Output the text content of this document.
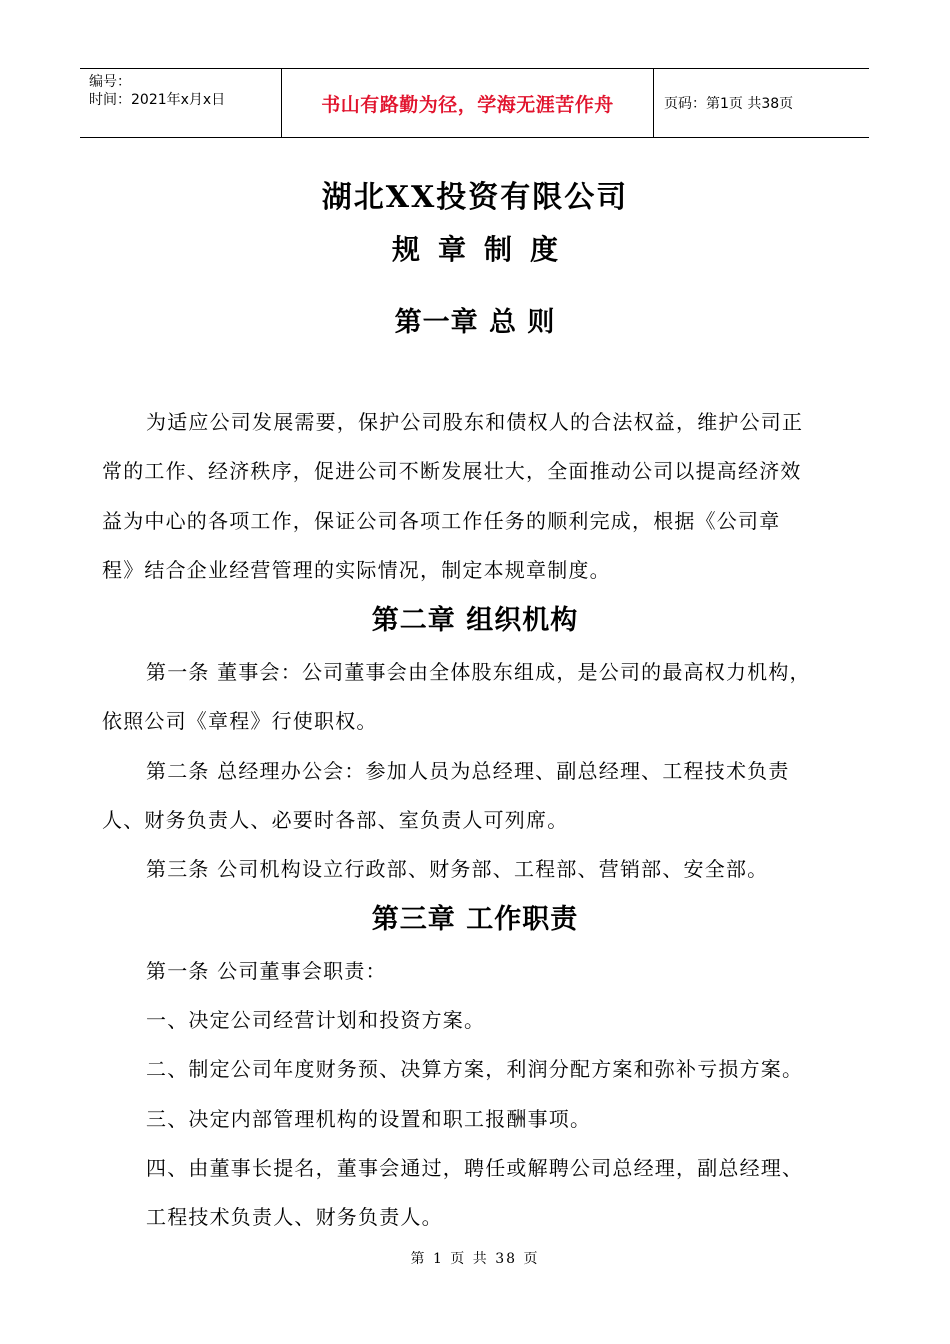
编号：
时间：2021年x月x日	书山有路勤为径，学海无涯苦作舟	页码：第1页 共38页
湖北XX投资有限公司
规章制度
第一章 总 则
为适应公司发展需要，保护公司股东和债权人的合法权益，维护公司正
常的工作、经济秩序，促进公司不断发展壮大，全面推动公司以提高经济效
益为中心的各项工作，保证公司各项工作任务的顺利完成，根据《公司章
程》结合企业经营管理的实际情况，制定本规章制度。
第二章 组织机构
第一条 董事会：公司董事会由全体股东组成，是公司的最高权力机构，
依照公司《章程》行使职权。
第二条 总经理办公会：参加人员为总经理、副总经理、工程技术负责
人、财务负责人、必要时各部、室负责人可列席。
第三条 公司机构设立行政部、财务部、工程部、营销部、安全部。
第三章 工作职责
第一条 公司董事会职责：
一、决定公司经营计划和投资方案。
二、制定公司年度财务预、决算方案，利润分配方案和弥补亏损方案。
三、决定内部管理机构的设置和职工报酬事项。
四、由董事长提名，董事会通过，聘任或解聘公司总经理，副总经理、
工程技术负责人、财务负责人。
第 1 页 共 38 页
